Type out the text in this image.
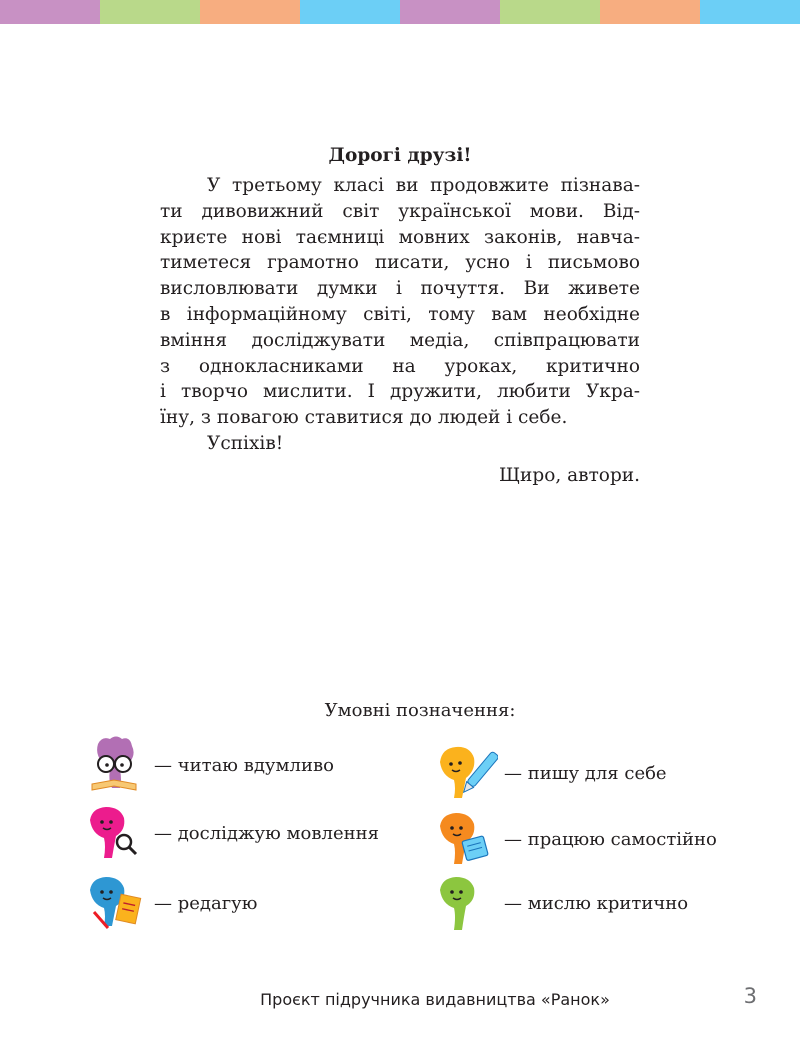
Дорогі друзі!
У третьому класі ви продовжите пізнава-
ти дивовижний світ української мови. Від-
криєте нові таємниці мовних законів, навча-
тиметеся грамотно писати, усно і письмово
висловлювати думки і почуття. Ви живете
в інформаційному світі, тому вам необхідне
вміння досліджувати медіа, співпрацювати
з однокласниками на уроках, критично
і творчо мислити. І дружити, любити Укра-
їну, з повагою ставитися до людей і себе.
Успіхів!
Щиро, автори.
Умовні позначення:
— читаю вдумливо	— пишу для себе
— досліджую мовлення	— працюю самостійно
— редагую	— мислю критично
Проєкт підручника видавництва «Ранок»	3
